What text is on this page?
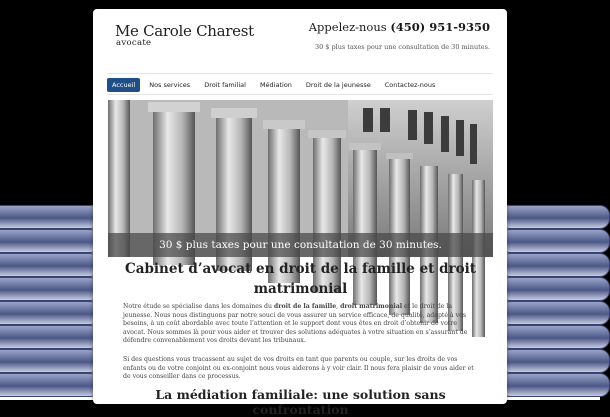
Me Carole Charest
avocate
Appelez-nous (450) 951-9350
30 $ plus taxes pour une consultation de 30 minutes.
Accueil	Nos services	Droit familial	Médiation	Droit de la jeunesse	Contactez-nous
30 $ plus taxes pour une consultation de 30 minutes.
Cabinet d’avocat en droit de la famille et droit matrimonial

Notre étude se spécialise dans les domaines du droit de la famille, droit matrimonial et le droit de la jeunesse. Nous nous distinguons par notre souci de vous assurer un service efficace, de qualité, adapté à vos besoins, à un coût abordable avec toute l’attention et le support dont vous êtes en droit d’obtenir de votre avocat. Nous sommes là pour vous aider et trouver des solutions adéquates à votre situation en s’assurant de défendre convenablement vos droits devant les tribunaux.

Si des questions vous tracassent au sujet de vos droits en tant que parents ou couple, sur les droits de vos enfants ou de votre conjoint ou ex-conjoint nous vous aiderons à y voir clair. Il nous fera plaisir de vous aider et de vous conseiller dans ce processus.

La médiation familiale: une solution sans confrontation
